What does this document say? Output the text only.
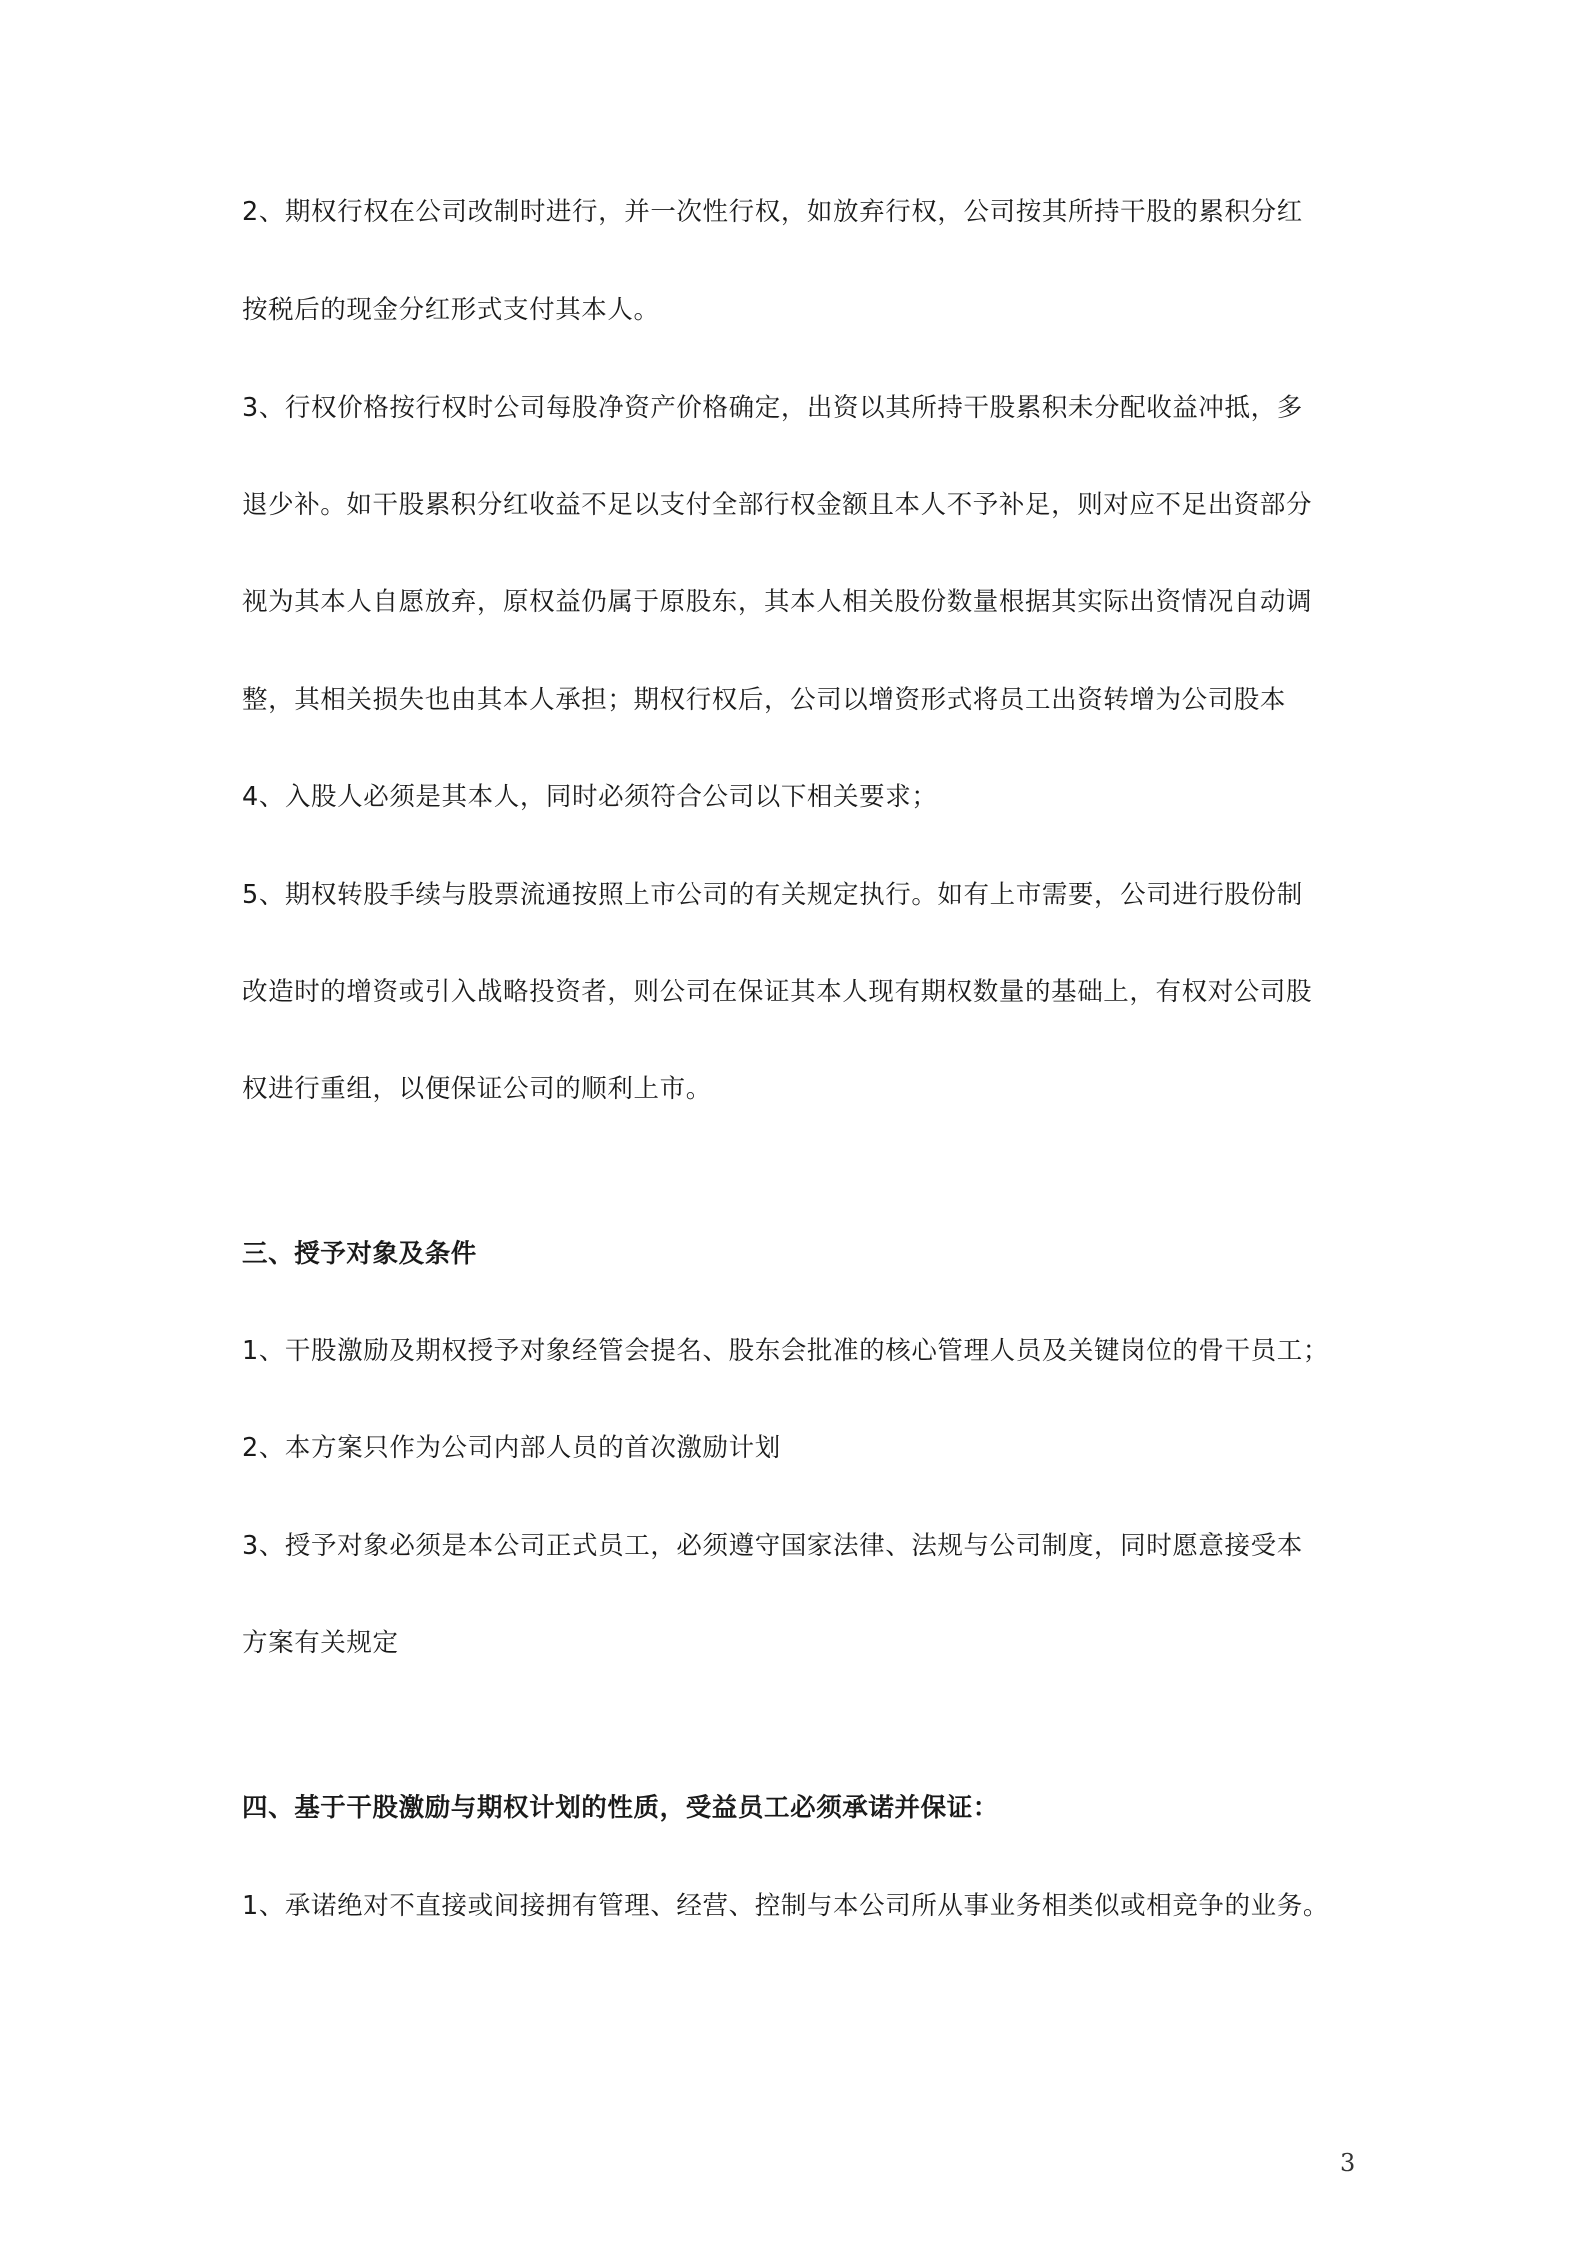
2、期权行权在公司改制时进行，并一次性行权，如放弃行权，公司按其所持干股的累积分红
按税后的现金分红形式支付其本人。
3、行权价格按行权时公司每股净资产价格确定，出资以其所持干股累积未分配收益冲抵，多
退少补。如干股累积分红收益不足以支付全部行权金额且本人不予补足，则对应不足出资部分
视为其本人自愿放弃，原权益仍属于原股东，其本人相关股份数量根据其实际出资情况自动调
整，其相关损失也由其本人承担；期权行权后，公司以增资形式将员工出资转增为公司股本
4、入股人必须是其本人，同时必须符合公司以下相关要求；
5、期权转股手续与股票流通按照上市公司的有关规定执行。如有上市需要，公司进行股份制
改造时的增资或引入战略投资者，则公司在保证其本人现有期权数量的基础上，有权对公司股
权进行重组，以便保证公司的顺利上市。
三、授予对象及条件
1、干股激励及期权授予对象经管会提名、股东会批准的核心管理人员及关键岗位的骨干员工；
2、本方案只作为公司内部人员的首次激励计划
3、授予对象必须是本公司正式员工，必须遵守国家法律、法规与公司制度，同时愿意接受本
方案有关规定
四、基于干股激励与期权计划的性质，受益员工必须承诺并保证：
1、承诺绝对不直接或间接拥有管理、经营、控制与本公司所从事业务相类似或相竞争的业务。
3
